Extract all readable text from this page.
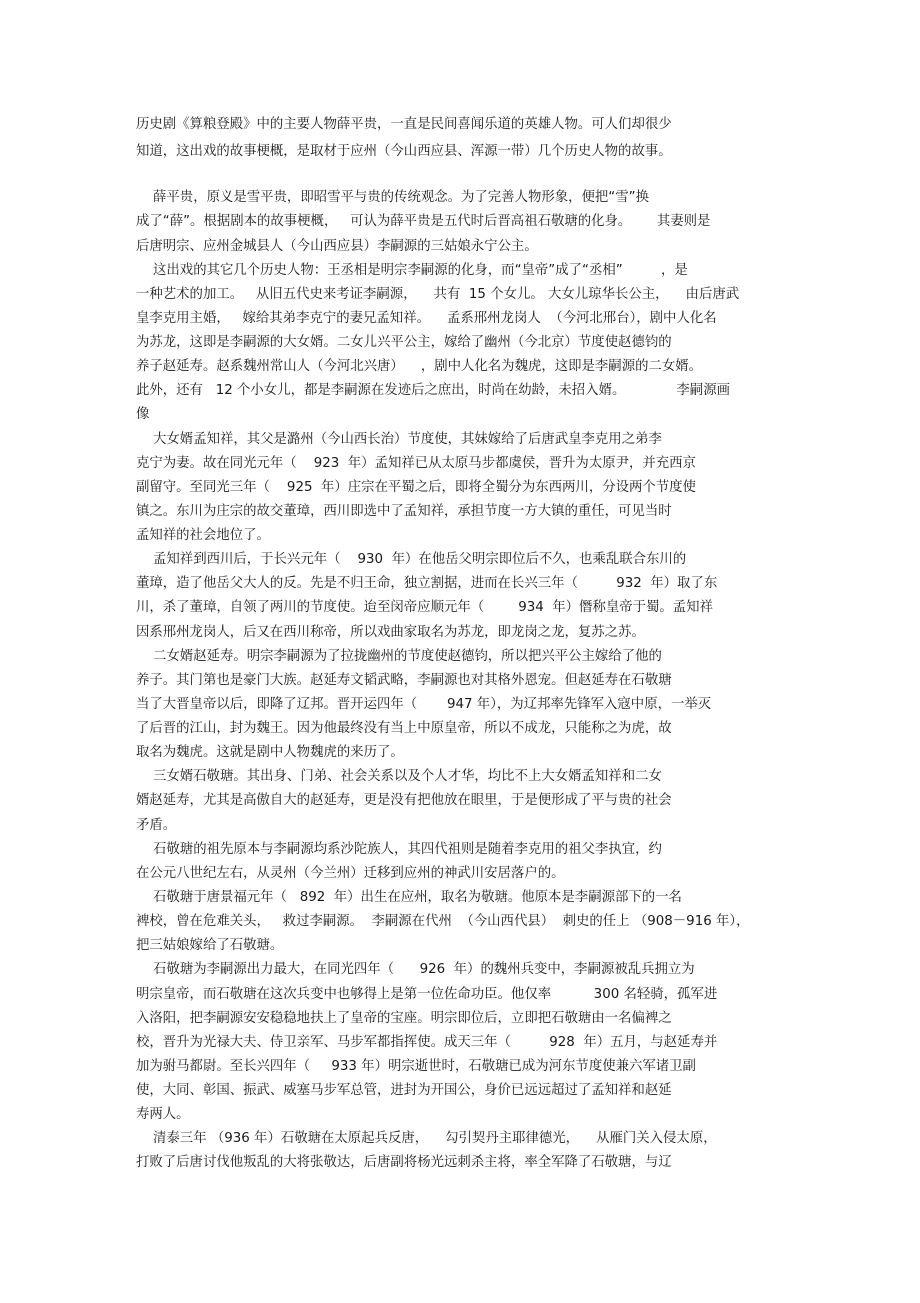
历史剧《算粮登殿》中的主要人物薛平贵，一直是民间喜闻乐道的英雄人物。可人们却很少
知道，这出戏的故事梗概，是取材于应州（今山西应县、浑源一带）几个历史人物的故事。
薛平贵，原义是雪平贵，即昭雪平与贵的传统观念。为了完善人物形象，便把“雪”换
成了“薛”。根据剧本的故事梗概，   可认为薛平贵是五代时后晋高祖石敬瑭的化身。      其妻则是
后唐明宗、应州金城县人（今山西应县）李嗣源的三姑娘永宁公主。
这出戏的其它几个历史人物：王丞相是明宗李嗣源的化身，而“皇帝”成了“丞相”         ，是
一种艺术的加工。   从旧五代史来考证李嗣源，    共有  15 个女儿。 大女儿琼华长公主，    由后唐武
皇李克用主婚，   嫁给其弟李克宁的妻兄孟知祥。    孟系邢州龙岗人  （今河北邢台），剧中人化名
为苏龙，这即是李嗣源的大女婿。二女儿兴平公主，嫁给了幽州（今北京）节度使赵德钧的
养子赵延寿。赵系魏州常山人（今河北兴唐）    ，剧中人化名为魏虎，这即是李嗣源的二女婿。
此外，还有   12 个小女儿，都是李嗣源在发迹后之庶出，时尚在幼龄，未招入婿。            李嗣源画
像
大女婿孟知祥，其父是潞州（今山西长治）节度使，其妹嫁给了后唐武皇李克用之弟李
克宁为妻。故在同光元年（    923  年）孟知祥已从太原马步都虞侯，晋升为太原尹，并充西京
副留守。至同光三年（    925  年）庄宗在平蜀之后，即将全蜀分为东西两川，分设两个节度使
镇之。东川为庄宗的故交董璋，西川即选中了孟知祥，承担节度一方大镇的重任，可见当时
孟知祥的社会地位了。
孟知祥到西川后，于长兴元年（    930  年）在他岳父明宗即位后不久，也乘乱联合东川的
董璋，造了他岳父大人的反。先是不归王命，独立割据，进而在长兴三年（         932  年）取了东
川，杀了董璋，自领了两川的节度使。迨至闵帝应顺元年（        934  年）僭称皇帝于蜀。孟知祥
因系邢州龙岗人，后又在西川称帝，所以戏曲家取名为苏龙，即龙岗之龙，复苏之苏。
二女婿赵延寿。明宗李嗣源为了拉拢幽州的节度使赵德钧，所以把兴平公主嫁给了他的
养子。其门第也是豪门大族。赵延寿文韬武略，李嗣源也对其格外恩宠。但赵延寿在石敬瑭
当了大晋皇帝以后，即降了辽邦。晋开运四年（       947 年），为辽邦率先锋军入寇中原，一举灭
了后晋的江山，封为魏王。因为他最终没有当上中原皇帝，所以不成龙，只能称之为虎，故
取名为魏虎。这就是剧中人物魏虎的来历了。
三女婿石敬瑭。其出身、门弟、社会关系以及个人才华，均比不上大女婿孟知祥和二女
婿赵延寿，尤其是高傲自大的赵延寿，更是没有把他放在眼里，于是便形成了平与贵的社会
矛盾。
石敬瑭的祖先原本与李嗣源均系沙陀族人，其四代祖则是随着李克用的祖父李执宜，约
在公元八世纪左右，从灵州（今兰州）迁移到应州的神武川安居落户的。
石敬瑭于唐景福元年（   892  年）出生在应州，取名为敬瑭。他原本是李嗣源部下的一名
裨校，曾在危难关头，   救过李嗣源。  李嗣源在代州  （今山西代县）  刺史的任上 （908－916 年），
把三姑娘嫁给了石敬瑭。
石敬瑭为李嗣源出力最大，在同光四年（      926  年）的魏州兵变中，李嗣源被乱兵拥立为
明宗皇帝，而石敬瑭在这次兵变中也够得上是第一位佐命功臣。他仅率          300 名轻骑，孤军进
入洛阳，把李嗣源安安稳稳地扶上了皇帝的宝座。明宗即位后，立即把石敬瑭由一名偏裨之
校，晋升为光禄大夫、侍卫亲军、马步军都指挥使。成天三年（         928  年）五月，与赵延寿并
加为驸马都尉。至长兴四年（     933 年）明宗逝世时，石敬瑭已成为河东节度使兼六军诸卫副
使，大同、彰国、振武、威塞马步军总管，进封为开国公，身价已远远超过了孟知祥和赵延
寿两人。
清泰三年 （936 年）石敬瑭在太原起兵反唐，    勾引契丹主耶律德光，    从雁门关入侵太原，
打败了后唐讨伐他叛乱的大将张敬达，后唐副将杨光远刺杀主将，率全军降了石敬瑭，与辽
